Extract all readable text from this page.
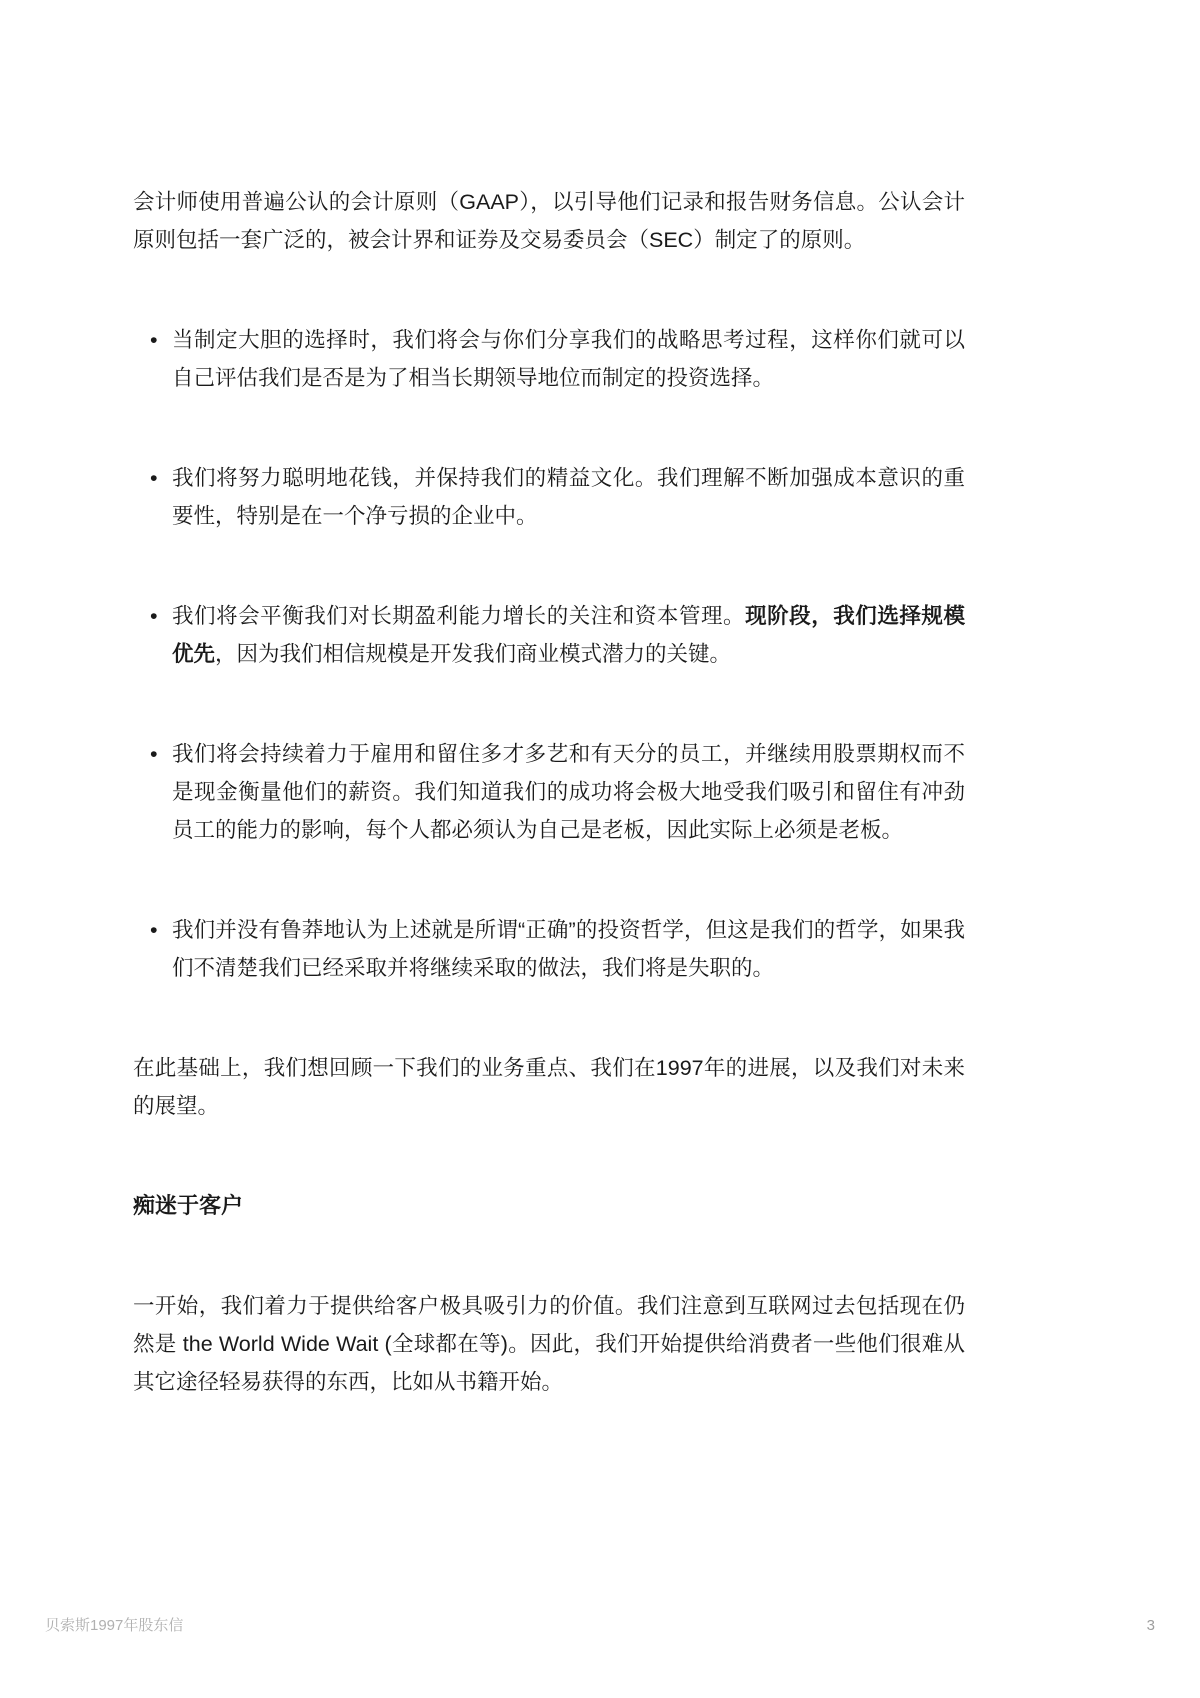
会计师使用普遍公认的会计原则（GAAP），以引导他们记录和报告财务信息。公认会计原则包括一套广泛的，被会计界和证券及交易委员会（SEC）制定了的原则。

• 当制定大胆的选择时，我们将会与你们分享我们的战略思考过程，这样你们就可以自己评估我们是否是为了相当长期领导地位而制定的投资选择。
• 我们将努力聪明地花钱，并保持我们的精益文化。我们理解不断加强成本意识的重要性，特别是在一个净亏损的企业中。
• 我们将会平衡我们对长期盈利能力增长的关注和资本管理。现阶段，我们选择规模优先，因为我们相信规模是开发我们商业模式潜力的关键。
• 我们将会持续着力于雇用和留住多才多艺和有天分的员工，并继续用股票期权而不是现金衡量他们的薪资。我们知道我们的成功将会极大地受我们吸引和留住有冲劲员工的能力的影响，每个人都必须认为自己是老板，因此实际上必须是老板。
• 我们并没有鲁莽地认为上述就是所谓“正确”的投资哲学，但这是我们的哲学，如果我们不清楚我们已经采取并将继续采取的做法，我们将是失职的。

在此基础上，我们想回顾一下我们的业务重点、我们在1997年的进展，以及我们对未来的展望。

痴迷于客户

一开始，我们着力于提供给客户极具吸引力的价值。我们注意到互联网过去包括现在仍然是 the World Wide Wait (全球都在等)。因此，我们开始提供给消费者一些他们很难从其它途径轻易获得的东西，比如从书籍开始。

贝索斯1997年股东信	3
